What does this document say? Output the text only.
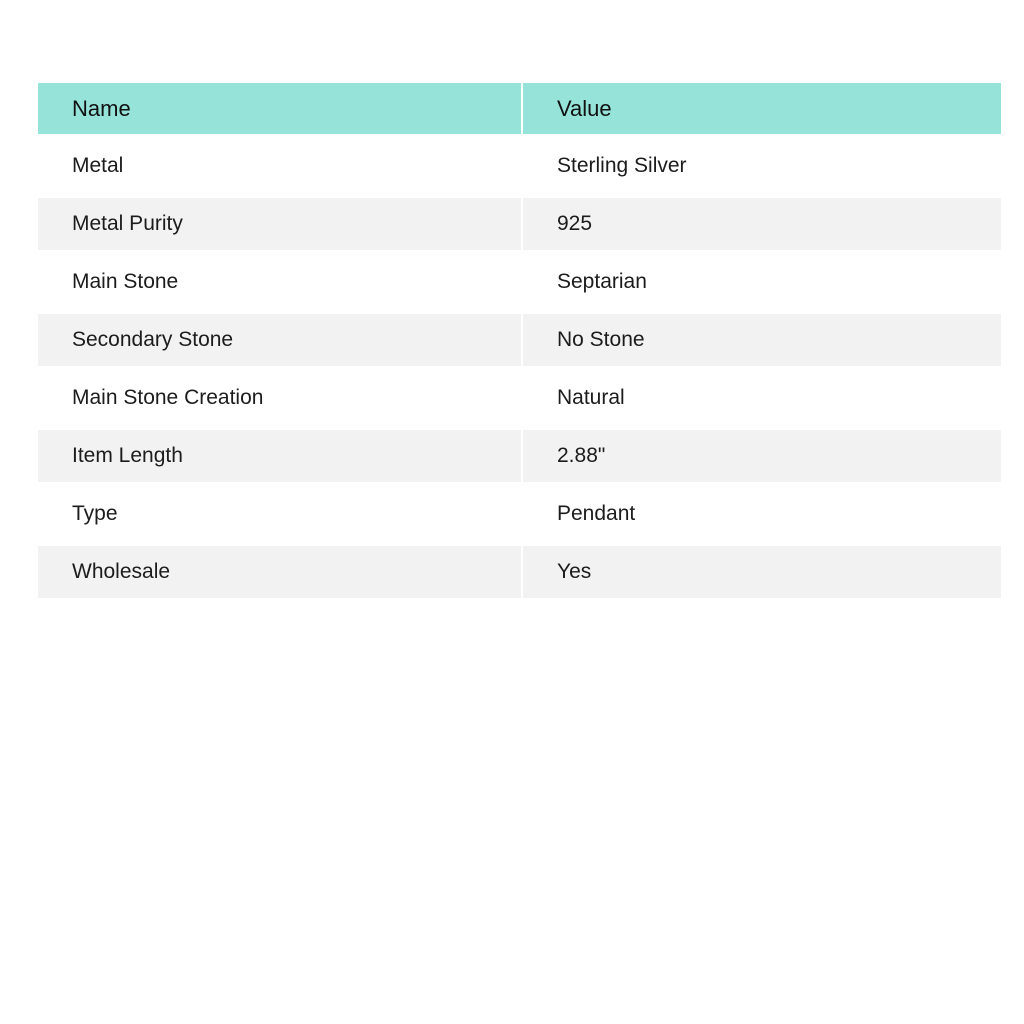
Name	Value
Metal	Sterling Silver
Metal Purity	925
Main Stone	Septarian
Secondary Stone	No Stone
Main Stone Creation	Natural
Item Length	2.88"
Type	Pendant
Wholesale	Yes
